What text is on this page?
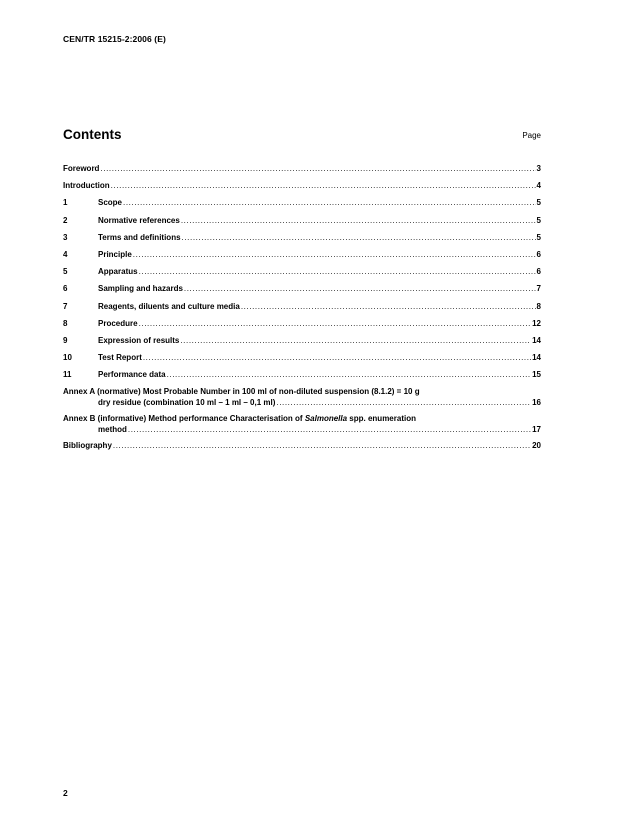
CEN/TR 15215-2:2006 (E)
Contents	Page
Foreword .....	3
Introduction .....	4
1	Scope .....	5
2	Normative references .....	5
3	Terms and definitions .....	5
4	Principle .....	6
5	Apparatus .....	6
6	Sampling and hazards .....	7
7	Reagents, diluents and culture media .....	8
8	Procedure .....	12
9	Expression of results .....	14
10	Test Report .....	14
11	Performance data .....	15
Annex A (normative) Most Probable Number in 100 ml of non-diluted suspension (8.1.2) = 10 g
dry residue (combination 10 ml – 1 ml – 0,1 ml) .....	16
Annex B (informative) Method performance Characterisation of Salmonella spp. enumeration
method .....	17
Bibliography .....	20
2
